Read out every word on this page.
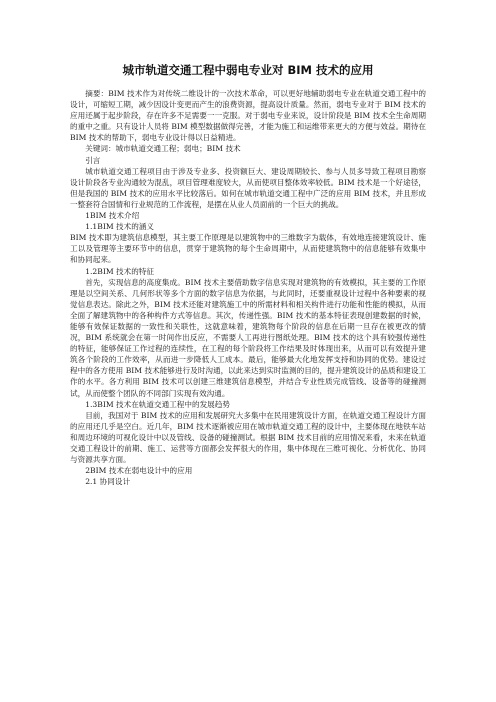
城市轨道交通工程中弱电专业对 BIM 技术的应用

摘要：BIM 技术作为对传统二维设计的一次技术革命，可以更好地辅助弱电专业在轨道交通工程中的设计，可缩短工期，减少因设计变更而产生的浪费资源，提高设计质量。然而，弱电专业对于 BIM 技术的应用还属于起步阶段，存在许多不足需要一一克服。对于弱电专业来说，设计阶段是 BIM 技术全生命周期的重中之重。只有设计人员将 BIM 模型数据做得完善，才能为施工和运维带来更大的方便与效益。期待在 BIM 技术的帮助下，弱电专业设计得以日益精进。

关键词：城市轨道交通工程；弱电；BIM 技术

引言

城市轨道交通工程项目由于涉及专业多、投资额巨大、建设周期较长、参与人员多导致工程项目勘察设计阶段各专业沟通较为混乱，项目管理难度较大，从而使项目整体效率较低。BIM 技术是一个好途径，但是我国的 BIM 技术的应用水平比较落后。如何在城市轨道交通工程中广泛的应用 BIM 技术，并且形成一整套符合国情和行业规范的工作流程，是摆在从业人员面前的一个巨大的挑战。

1BIM 技术介绍

1.1BIM 技术的涵义

BIM 技术即为建筑信息模型，其主要工作原理是以建筑物中的三维数字为载体，有效地连接建筑设计、施工以及管理等主要环节中的信息，贯穿于建筑物的每个生命周期中，从而使建筑物中的信息能够有效集中和协同起来。

1.2BIM 技术的特征

首先，实现信息的高度集成。BIM 技术主要借助数字信息实现对建筑物的有效模拟，其主要的工作原理是以空间关系、几何形状等多个方面的数字信息为依据，与此同时，还要重视设计过程中各种要素的视觉信息表达。除此之外，BIM 技术还能对建筑施工中的所需材料和相关构件进行功能和性能的模拟，从而全面了解建筑物中的各种构件方式等信息。其次，传递性强。BIM 技术的基本特征表现创建数据的时候，能够有效保证数据的一致性和关联性，这就意味着，建筑物每个阶段的信息在后期一旦存在被更改的情况，BIM 系统就会在第一时间作出反应，不需要人工再进行图纸处理。BIM 技术的这个具有较强传递性的特征，能够保证工作过程的连续性，在工程的每个阶段将工作结果及时体现出来，从而可以有效提升建筑各个阶段的工作效率，从而进一步降低人工成本。最后，能够最大化地发挥支持和协同的优势。建设过程中的各方使用 BIM 技术能够进行及时沟通，以此来达到实时监测的目的，提升建筑设计的品质和建设工作的水平。各方利用 BIM 技术可以创建三维建筑信息模型，并结合专业性质完成管线、设备等的碰撞测试，从而使整个团队的不同部门实现有效沟通。

1.3BIM 技术在轨道交通工程中的发展趋势

目前，我国对于 BIM 技术的应用和发展研究大多集中在民用建筑设计方面，在轨道交通工程设计方面的应用还几乎是空白。近几年，BIM 技术逐渐被应用在城市轨道交通工程的设计中，主要体现在地铁车站和周边环境的可视化设计中以及管线、设备的碰撞测试。根据 BIM 技术目前的应用情况来看，未来在轨道交通工程设计的前期、施工、运营等方面都会发挥很大的作用，集中体现在三维可视化、分析优化、协同与资源共享方面。

2BIM 技术在弱电设计中的应用

2.1 协同设计
